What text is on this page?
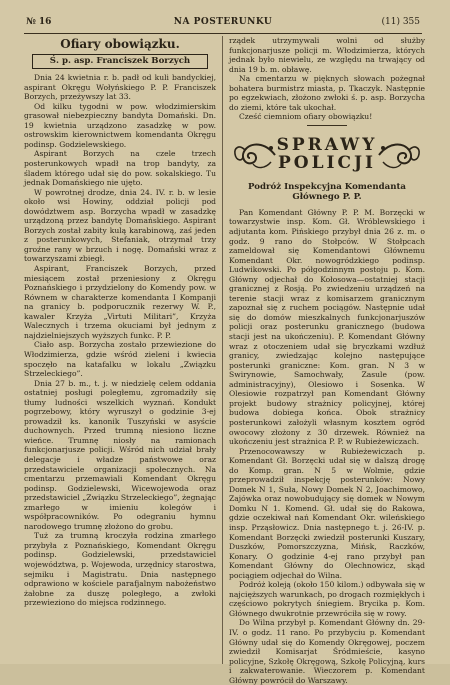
№ 16	NA POSTERUNKU	(11) 355
Ofiary obowiązku.
Ś. p. asp. Franciszek Borzych

Dnia 24 kwietnia r. b. padł od kuli bandyckiej, aspirant Okręgu Wołyńskiego P. P. Franciszek Borzych, przeżywszy lat 33.

Od kilku tygodni w pow. włodzimierskim grasował niebezpieczny bandyta Domański. Dn. 19 kwietnia urządzono zasadzkę w pow. ostrowskim kierownictwem komendanta Okręgu podinsp. Godzielewskiego.

Aspirant Borzych na czele trzech posterunkowych wpadł na trop bandyty, za śladem którego udał się do pow. sokalskiego. Tu jednak Domańskiego nie ujęto.

W powrotnej drodze, dnia 24. IV. r. b. w lesie około wsi Howiny, oddział policji pod dowództwem asp. Borzycha wpadł w zasadzkę urządzoną przez bandytę Domańskiego. Aspirant Borzych został zabity kulą karabinową, zaś jeden z posterunkowych, Stefaniak, otrzymał trzy groźne rany w brzuch i nogę. Domański wraz z towarzyszami zbiegł.

Aspirant, Franciszek Borzych, przed miesiącem został przeniesiony z Okręgu Poznańskiego i przydzielony do Komendy pow. w Równem w charakterze komendanta I Kompanji na granicy b. podporucznik rezerwy W. P., kawaler Krzyża „Virtuti Militari”, Krzyża Walecznych i trzema okuciami był jednym z najdzielniejszych wyższych funkc. P. P.

Ciało asp. Borzycha zostało przewiezione do Włodzimierza, gdzie wśród zieleni i kwiecia spoczęło na katafalku w lokalu „Związku Strzeleckiego”.

Dnia 27 b. m., t. j. w niedzielę celem oddania ostatniej posługi poległemu, zgromadziły się tłumy ludności wszelkich wyznań. Kondukt pogrzebowy, który wyruszył o godzinie 3-ej prowadził ks. kanonik Tuszyński w asyście duchownych. Przed trumną niesiono liczne wieńce. Trumnę niosły na ramionach funkcjonarjusze policji. Wśród nich udział brały delegacje i władze państwowe oraz przedstawiciele organizacji społecznych. Na cmentarzu przemawiali Komendant Okręgu podinsp. Godzielewski, Wicewojewoda oraz przedstawiciel „Związku Strzeleckiego”, żegnając zmarłego w imieniu kolegów i współpracowników. Po odegraniu hymnu narodowego trumnę złożono do grobu.

Tuż za trumną kroczyła rodzina zmarłego przybyła z Poznańskiego, Komendant Okręgu podinsp. Godzielewski, przedstawiciel województwa, p. Wojewoda, urzędnicy starostwa, sejmiku i Magistratu. Dnia następnego odprawiono w kościele parafjalnym nabożeństwo żałobne za duszę poległego, a zwłoki przewieziono do miejsca rodzinnego.

rządek utrzymywali wolni od służby funkcjonarjusze policji m. Włodzimierza, których jednak było niewielu, ze względu na trwający od dnia 19 b. m. obławę.

Na cmentarzu w pięknych słowach pożegnał bohatera burmistrz miasta, p. Tkaczyk. Następnie po egzekwiach, złożono zwłoki ś. p. asp. Borzycha do ziemi, które tak ukochał.

Cześć ciemniom ofiary obowiązku!

SPRAWY
POLICJI
Podróż Inspekcyjna Komendanta Głównego P. P.

Pan Komendant Główny P. P. M. Borzęcki w towarzystwie insp. Kom. Gł. Wróblewskiego i adjutanta kom. Pińskiego przybył dnia 26 z. m. o godz. 9 rano do Stołpców. W Stołpcach zameldował się Komendantowi Głównemu Komendant Okr. nowogródzkiego podinsp. Ludwikowski. Po półgodzinnym postoju p. Kom. Główny odjechał do Kołosowa—ostatniej stacji granicznej z Rosją. Po zwiedzeniu urządzeń na terenie stacji wraz z komisarzem granicznym zapoznał się z ruchem pociągów. Następnie udał się do domów mieszkalnych funkcjonarjuszów policji oraz posterunku granicznego (budowa stacji jest na ukończeniu). P. Komendant Główny wraz z otoczeniem udał się bryczkami wzdłuż granicy, zwiedzając kolejno następujące posterunki graniczne: Kom. gran. N 3 w Swirynowie, Samochwały, Zasule (pow. administracyjny), Olesiowo i Sosenka. W Olesiowie rozpatrzył pan Komendant Główny projekt budowy strażnicy policyjnej, której budowa dobiega końca. Obok strażnicy posterunkowi założyli własnym kosztem ogród owocowy złożony z 30 drzewek. Również na ukończeniu jest strażnica P. P. w Rubieżewiczach.

Przenocowawszy w Rubieżewiczach p. Komendant Gł. Borzęcki udał się w dalszą drogę do Komp. gran. N 5 w Wolmie, gdzie przeprowadził inspekcję posterunków: Nowy Domek N 1, Suła, Nowy Domek N 2, Joachimowo, Zajówka oraz nowobudujący się domek w Nowym Domku N 1. Komend. Gł. udał się do Rakowa, gdzie oczekiwał nań Komendant Okr. wileńskiego insp. Prząsłowicz. Dnia następnego t. j. 26-IV. p. Komendant Borzęcki zwiedził posterunki Kuszary, Duszków, Pomorszczyzna, Mińsk, Raczków, Konary. O godzinie 4-ej rano przybył pan Komendant Główny do Olechnowicz, skąd pociągiem odjechał do Wilna.

Podróż koleją (około 150 kilom.) odbywała się w najcięższych warunkach, po drogach rozmiękłych i częściowo pokrytych śniegiem. Brycika p. Kom. Głównego dwukrotnie przewróciła się w rowy.

Do Wilna przybył p. Komendant Główny dn. 29-IV. o godz. 11 rano. Po przybyciu p. Komendant Główny udał się do Komendy Okręgowej, poczem zwiedził Komisarjat Śródmieście, kasyno policyjne, Szkołę Okręgową, Szkołę Policyjną, kurs i zakwaterowanie. Wieczorem p. Komendant Główny powrócił do Warszawy.
